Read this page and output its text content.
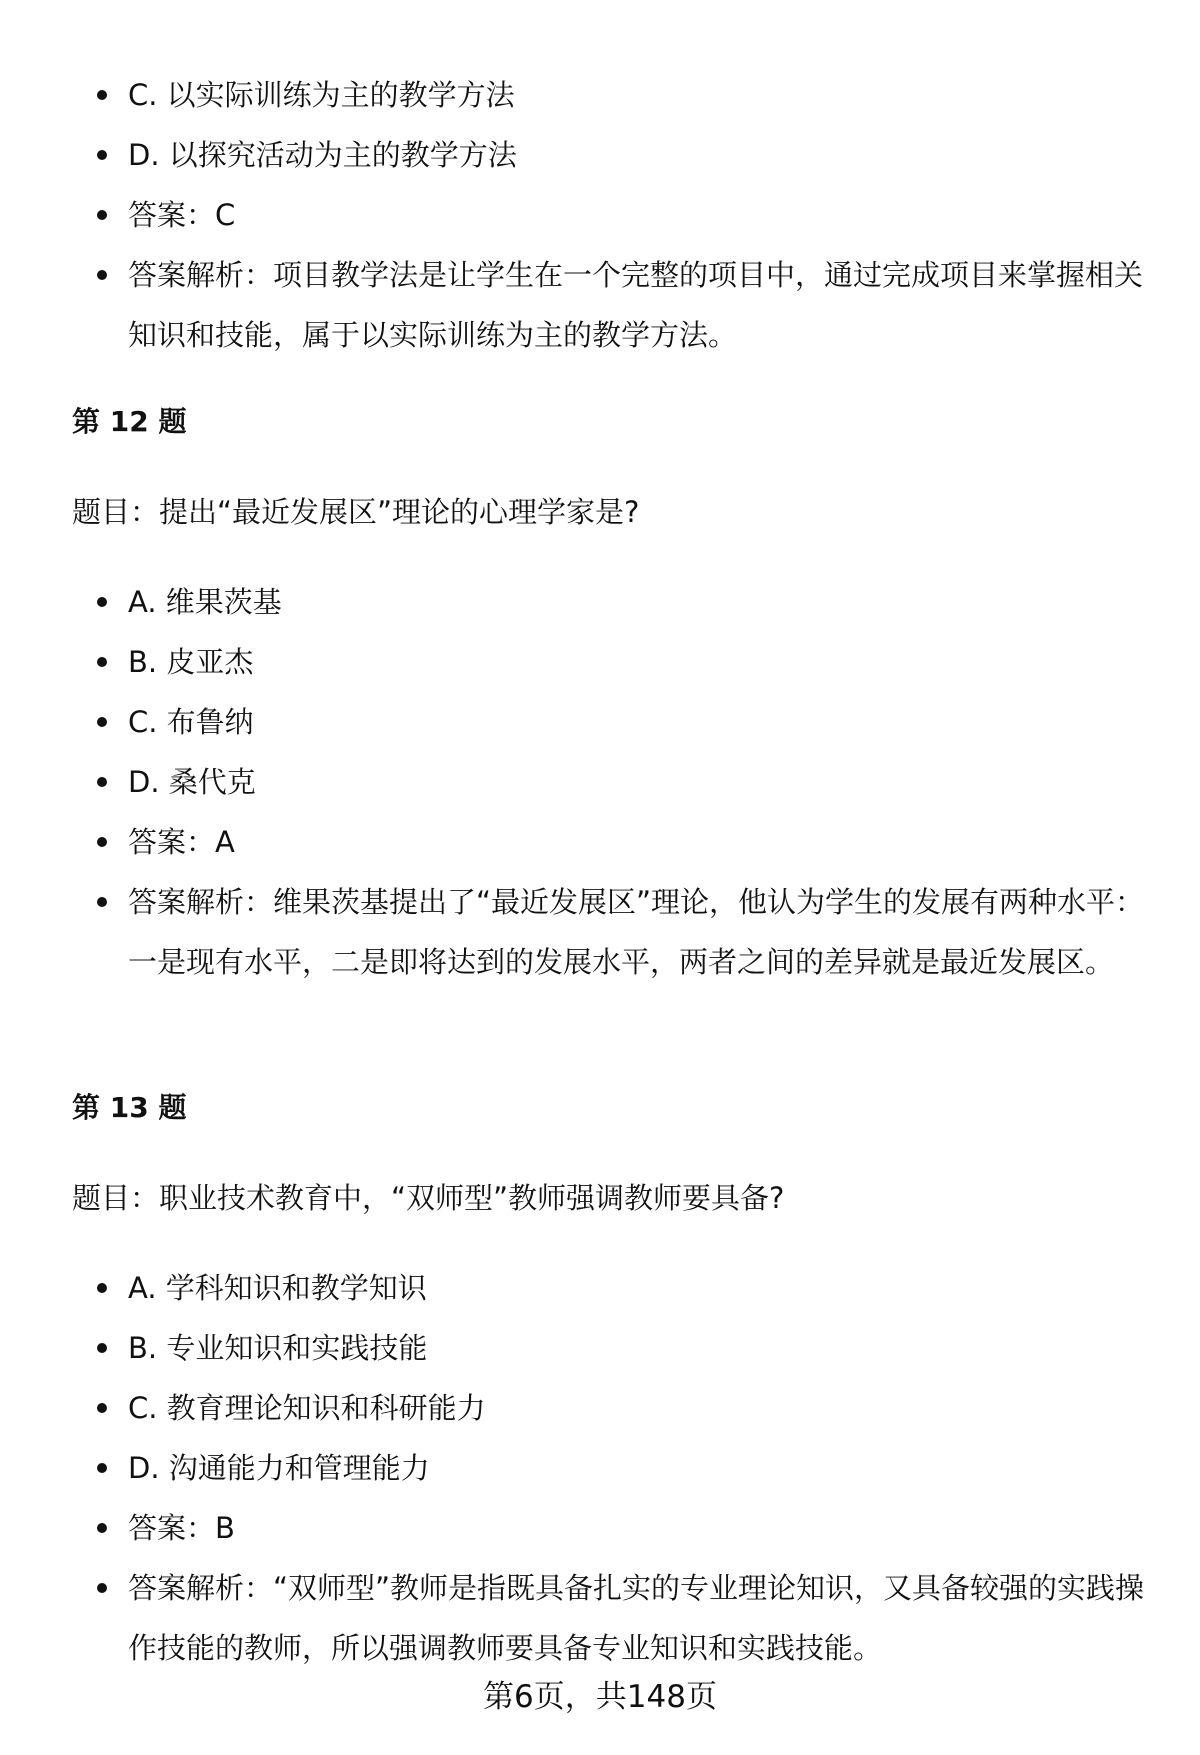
C. 以实际训练为主的教学方法
D. 以探究活动为主的教学方法
答案：C
答案解析：项目教学法是让学生在一个完整的项目中，通过完成项目来掌握相关知识和技能，属于以实际训练为主的教学方法。
第 12 题
题目：提出“最近发展区”理论的心理学家是?
A. 维果茨基
B. 皮亚杰
C. 布鲁纳
D. 桑代克
答案：A
答案解析：维果茨基提出了“最近发展区”理论，他认为学生的发展有两种水平：一是现有水平，二是即将达到的发展水平，两者之间的差异就是最近发展区。
第 13 题
题目：职业技术教育中，“双师型”教师强调教师要具备?
A. 学科知识和教学知识
B. 专业知识和实践技能
C. 教育理论知识和科研能力
D. 沟通能力和管理能力
答案：B
答案解析：“双师型”教师是指既具备扎实的专业理论知识，又具备较强的实践操作技能的教师，所以强调教师要具备专业知识和实践技能。
第6页，共148页
